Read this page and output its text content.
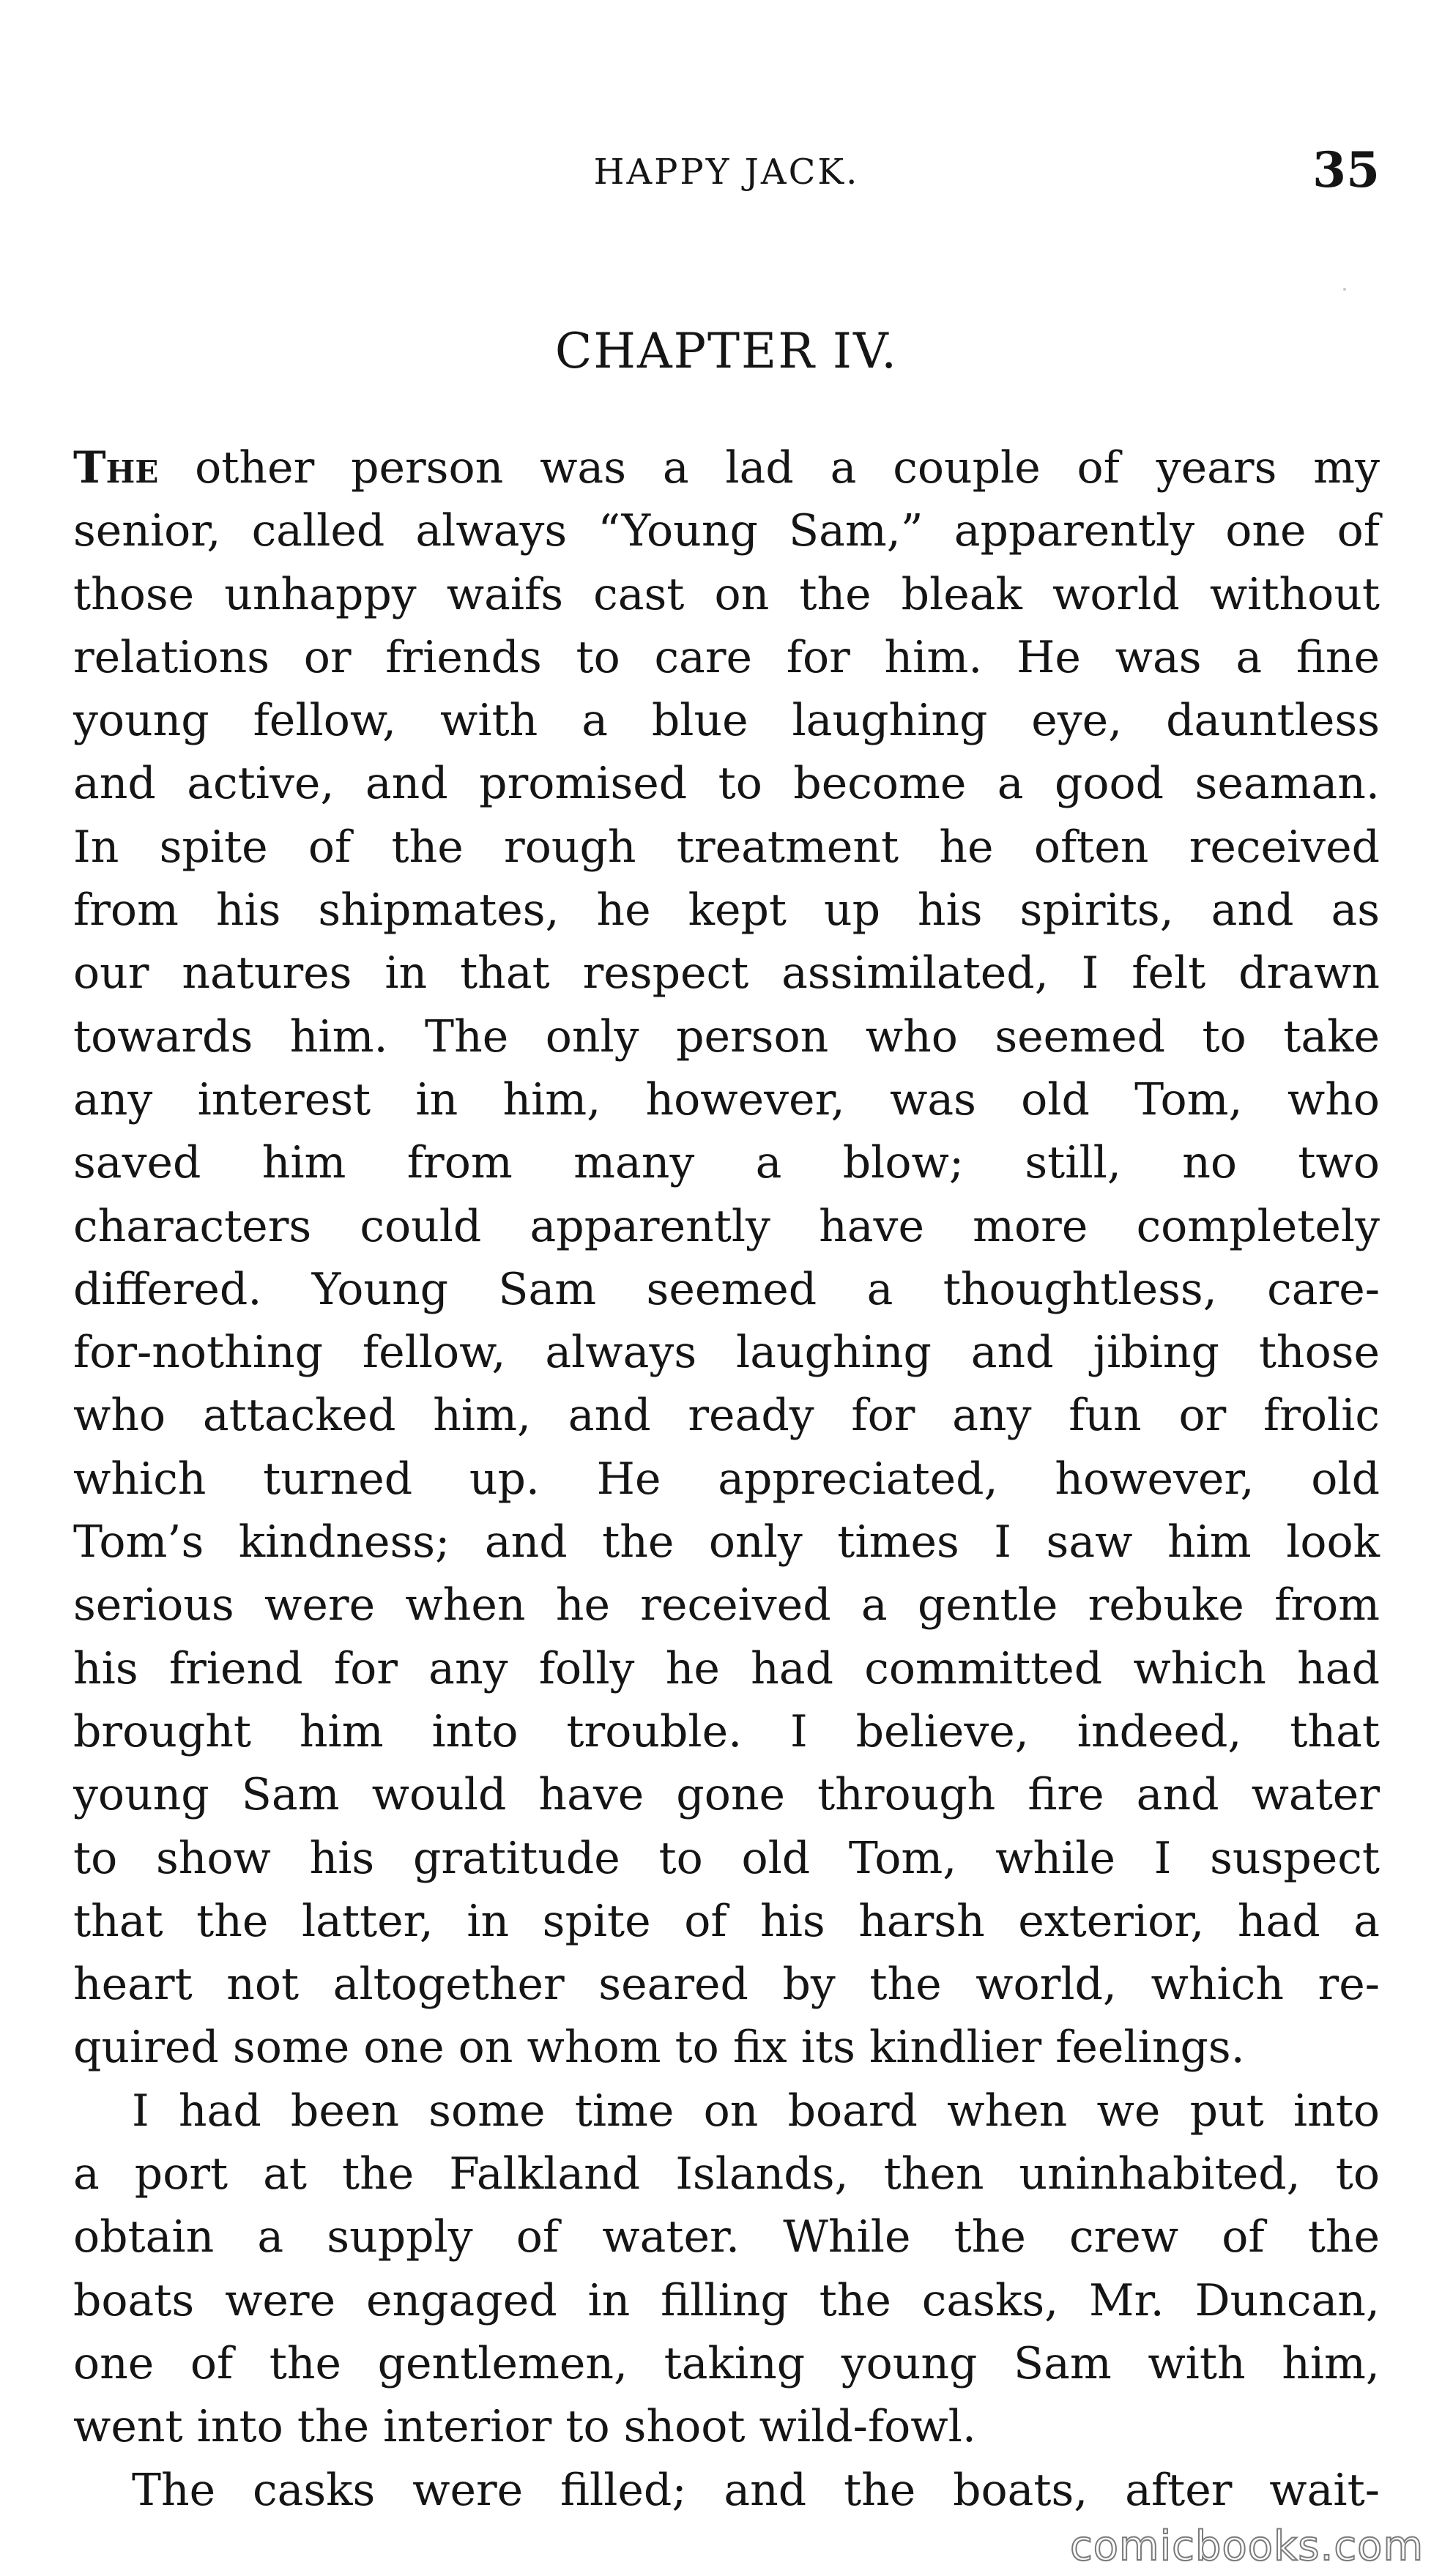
HAPPY JACK.	35
CHAPTER IV.
The other person was a lad a couple of years my
senior, called always “Young Sam,” apparently one of
those unhappy waifs cast on the bleak world without
relations or friends to care for him. He was a fine
young fellow, with a blue laughing eye, dauntless
and active, and promised to become a good seaman.
In spite of the rough treatment he often received
from his shipmates, he kept up his spirits, and as
our natures in that respect assimilated, I felt drawn
towards him. The only person who seemed to take
any interest in him, however, was old Tom, who
saved him from many a blow; still, no two
characters could apparently have more completely
differed. Young Sam seemed a thoughtless, care-
for-nothing fellow, always laughing and jibing those
who attacked him, and ready for any fun or frolic
which turned up. He appreciated, however, old
Tom’s kindness; and the only times I saw him look
serious were when he received a gentle rebuke from
his friend for any folly he had committed which had
brought him into trouble. I believe, indeed, that
young Sam would have gone through fire and water
to show his gratitude to old Tom, while I suspect
that the latter, in spite of his harsh exterior, had a
heart not altogether seared by the world, which re-
quired some one on whom to fix its kindlier feelings.
I had been some time on board when we put into
a port at the Falkland Islands, then uninhabited, to
obtain a supply of water. While the crew of the
boats were engaged in filling the casks, Mr. Duncan,
one of the gentlemen, taking young Sam with him,
went into the interior to shoot wild-fowl.
The casks were filled; and the boats, after wait-
comicbooks.com
